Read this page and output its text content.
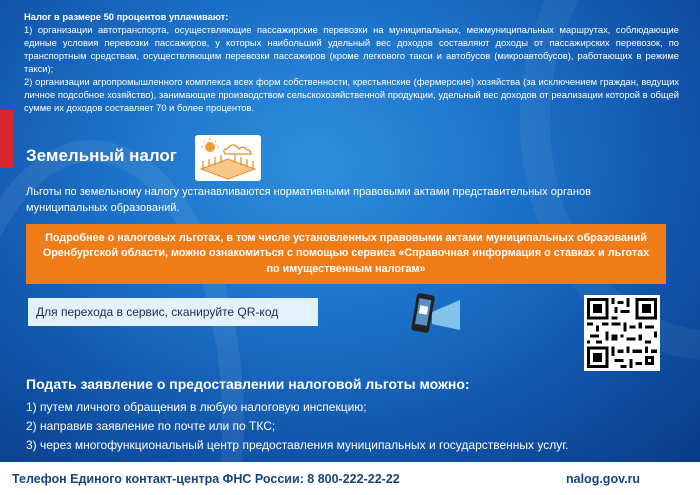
Налог в размере 50 процентов уплачивают:

1) организации автотранспорта, осуществляющие пассажирские перевозки на муниципальных, межмуниципальных маршрутах, соблюдающие единые условия перевозки пассажиров, у которых наибольший удельный вес доходов составляют доходы от пассажирских перевозок, по транспортным средствам, осуществляющим перевозки пассажиров (кроме легкового такси и автобусов (микроавтобусов), работающих в режиме такси);

2) организации агропромышленного комплекса всех форм собственности, крестьянские (фермерские) хозяйства (за исключением граждан, ведущих личное подсобное хозяйство), занимающие производством сельскохозяйственной продукции, удельный вес доходов от реализации которой в общей сумме их доходов составляет 70 и более процентов.

Земельный налог
Льготы по земельному налогу устанавливаются нормативными правовыми актами представительных органов муниципальных образований.
Подробнее о налоговых льготах, в том числе установленных правовыми актами муниципальных образований Оренбургской области, можно ознакомиться с помощью сервиса «Справочная информация о ставках и льготах по имущественным налогам»
Для перехода в сервис, сканируйте QR-код
Подать заявление о предоставлении налоговой льготы можно:
1) путем личного обращения в любую налоговую инспекцию;
2) направив заявление по почте или по ТКС;
3) через многофункциональный центр предоставления муниципальных и государственных услуг.
Телефон Единого контакт-центра ФНС России: 8 800-222-22-22	nalog.gov.ru
